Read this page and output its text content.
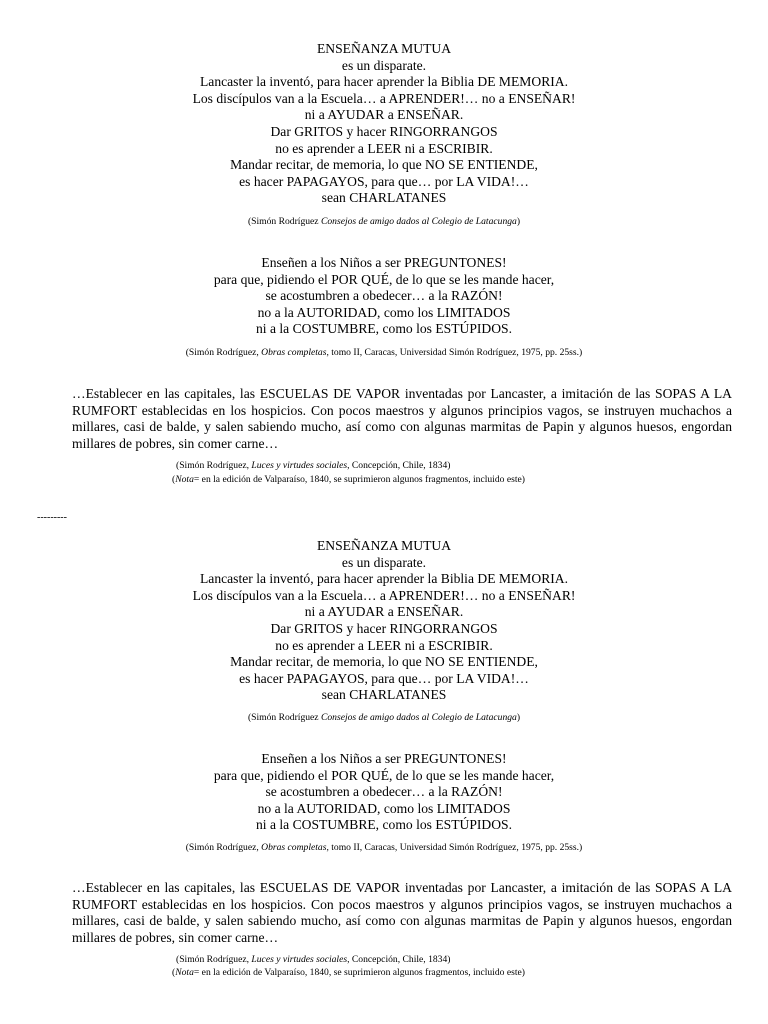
ENSEÑANZA MUTUA
es un disparate.
Lancaster la inventó, para hacer aprender la Biblia DE MEMORIA.
Los discípulos van a la Escuela… a APRENDER!… no a ENSEÑAR!
ni a AYUDAR a ENSEÑAR.
Dar GRITOS y hacer RINGORRANGOS
no es aprender a LEER ni a ESCRIBIR.
Mandar recitar, de memoria, lo que NO SE ENTIENDE,
es hacer PAPAGAYOS, para que… por LA VIDA!…
sean CHARLATANES
(Simón Rodríguez Consejos de amigo dados al Colegio de Latacunga)
Enseñen a los Niños a ser PREGUNTONES!
para que, pidiendo el POR QUÉ, de lo que se les mande hacer,
se acostumbren a obedecer… a la RAZÓN!
no a la AUTORIDAD, como los LIMITADOS
ni a la COSTUMBRE, como los ESTÚPIDOS.
(Simón Rodríguez, Obras completas, tomo II, Caracas, Universidad Simón Rodríguez, 1975, pp. 25ss.)
…Establecer en las capitales, las ESCUELAS DE VAPOR inventadas por Lancaster, a imitación de las SOPAS A LA RUMFORT establecidas en los hospicios. Con pocos maestros y algunos principios vagos, se instruyen muchachos a millares, casi de balde, y salen sabiendo mucho, así como con algunas marmitas de Papin y algunos huesos, engordan millares de pobres, sin comer carne…
(Simón Rodríguez, Luces y virtudes sociales, Concepción, Chile, 1834)
(Nota= en la edición de Valparaíso, 1840, se suprimieron algunos fragmentos, incluido este)
---------
ENSEÑANZA MUTUA
es un disparate.
Lancaster la inventó, para hacer aprender la Biblia DE MEMORIA.
Los discípulos van a la Escuela… a APRENDER!… no a ENSEÑAR!
ni a AYUDAR a ENSEÑAR.
Dar GRITOS y hacer RINGORRANGOS
no es aprender a LEER ni a ESCRIBIR.
Mandar recitar, de memoria, lo que NO SE ENTIENDE,
es hacer PAPAGAYOS, para que… por LA VIDA!…
sean CHARLATANES
(Simón Rodríguez Consejos de amigo dados al Colegio de Latacunga)
Enseñen a los Niños a ser PREGUNTONES!
para que, pidiendo el POR QUÉ, de lo que se les mande hacer,
se acostumbren a obedecer… a la RAZÓN!
no a la AUTORIDAD, como los LIMITADOS
ni a la COSTUMBRE, como los ESTÚPIDOS.
(Simón Rodríguez, Obras completas, tomo II, Caracas, Universidad Simón Rodríguez, 1975, pp. 25ss.)
…Establecer en las capitales, las ESCUELAS DE VAPOR inventadas por Lancaster, a imitación de las SOPAS A LA RUMFORT establecidas en los hospicios. Con pocos maestros y algunos principios vagos, se instruyen muchachos a millares, casi de balde, y salen sabiendo mucho, así como con algunas marmitas de Papin y algunos huesos, engordan millares de pobres, sin comer carne…
(Simón Rodríguez, Luces y virtudes sociales, Concepción, Chile, 1834)
(Nota= en la edición de Valparaíso, 1840, se suprimieron algunos fragmentos, incluido este)
